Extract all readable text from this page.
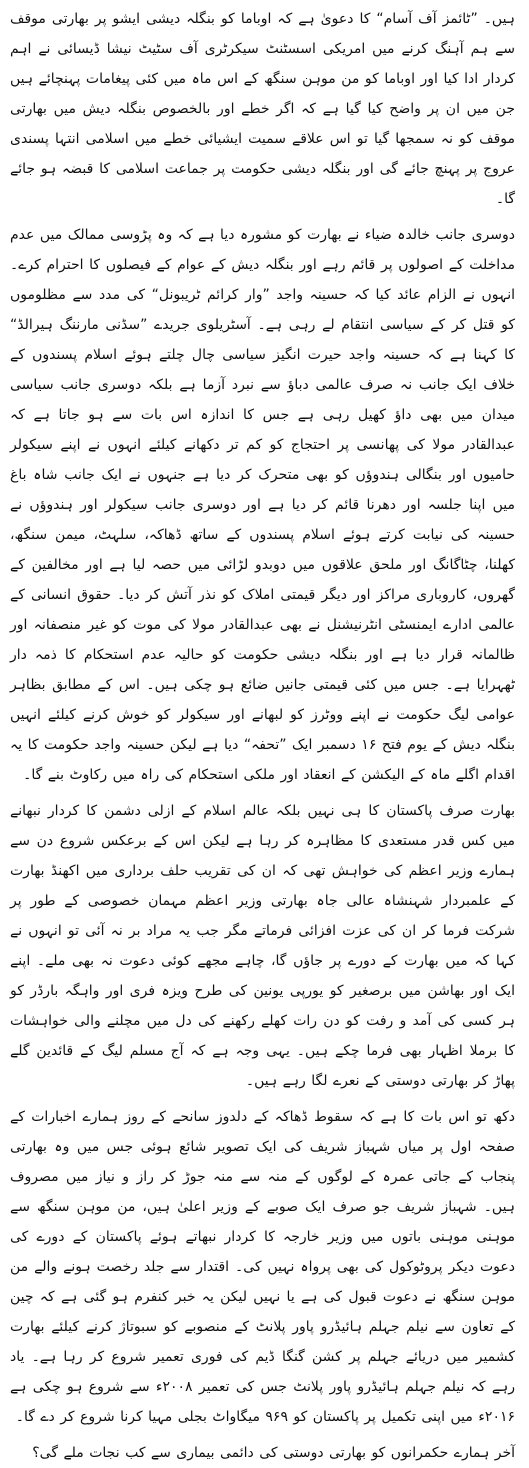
ہیں۔ ”ٹائمز آف آسام“ کا دعویٰ ہے کہ اوباما کو بنگلہ دیشی ایشو پر بھارتی موقف سے ہم آہنگ کرنے میں امریکی اسسٹنٹ سیکرٹری آف سٹیٹ نیشا ڈیسائی نے اہم کردار ادا کیا اور اوباما کو من موہن سنگھ کے اس ماہ میں کئی پیغامات پہنچائے ہیں جن میں ان پر واضح کیا گیا ہے کہ اگر خطے اور بالخصوص بنگلہ دیش میں بھارتی موقف کو نہ سمجھا گیا تو اس علاقے سمیت ایشیائی خطے میں اسلامی انتہا پسندی عروج پر پہنچ جائے گی اور بنگلہ دیشی حکومت پر جماعت اسلامی کا قبضہ ہو جائے گا۔

دوسری جانب خالدہ ضیاء نے بھارت کو مشورہ دیا ہے کہ وہ پڑوسی ممالک میں عدم مداخلت کے اصولوں پر قائم رہے اور بنگلہ دیش کے عوام کے فیصلوں کا احترام کرے۔ انہوں نے الزام عائد کیا کہ حسینہ واجد ”وار کرائم ٹریبونل“ کی مدد سے مظلوموں کو قتل کر کے سیاسی انتقام لے رہی ہے۔ آسٹریلوی جریدے ”سڈنی مارننگ ہیرالڈ“ کا کہنا ہے کہ حسینہ واجد حیرت انگیز سیاسی چال چلتے ہوئے اسلام پسندوں کے خلاف ایک جانب نہ صرف عالمی دباؤ سے نبرد آزما ہے بلکہ دوسری جانب سیاسی میدان میں بھی داؤ کھیل رہی ہے جس کا اندازہ اس بات سے ہو جاتا ہے کہ عبدالقادر مولا کی پھانسی پر احتجاج کو کم تر دکھانے کیلئے انہوں نے اپنے سیکولر حامیوں اور بنگالی ہندوؤں کو بھی متحرک کر دیا ہے جنہوں نے ایک جانب شاہ باغ میں اپنا جلسہ اور دھرنا قائم کر دیا ہے اور دوسری جانب سیکولر اور ہندوؤں نے حسینہ کی نیابت کرتے ہوئے اسلام پسندوں کے ساتھ ڈھاکہ، سلہٹ، میمن سنگھ، کھلنا، چٹاگانگ اور ملحق علاقوں میں دوبدو لڑائی میں حصہ لیا ہے اور مخالفین کے گھروں، کاروباری مراکز اور دیگر قیمتی املاک کو نذر آتش کر دیا۔ حقوق انسانی کے عالمی ادارے ایمنسٹی انٹرنیشنل نے بھی عبدالقادر مولا کی موت کو غیر منصفانہ اور ظالمانہ قرار دیا ہے اور بنگلہ دیشی حکومت کو حالیہ عدم استحکام کا ذمہ دار ٹھہرایا ہے۔ جس میں کئی قیمتی جانیں ضائع ہو چکی ہیں۔ اس کے مطابق بظاہر عوامی لیگ حکومت نے اپنے ووٹرز کو لبھانے اور سیکولر کو خوش کرنے کیلئے انہیں بنگلہ دیش کے یوم فتح ۱۶ دسمبر ایک ”تحفہ“ دیا ہے لیکن حسینہ واجد حکومت کا یہ اقدام اگلے ماہ کے الیکشن کے انعقاد اور ملکی استحکام کی راہ میں رکاوٹ بنے گا۔

بھارت صرف پاکستان کا ہی نہیں بلکہ عالم اسلام کے ازلی دشمن کا کردار نبھانے میں کس قدر مستعدی کا مظاہرہ کر رہا ہے لیکن اس کے برعکس شروع دن سے ہمارے وزیر اعظم کی خواہش تھی کہ ان کی تقریب حلف برداری میں اکھنڈ بھارت کے علمبردار شہنشاہ عالی جاہ بھارتی وزیر اعظم مہمان خصوصی کے طور پر شرکت فرما کر ان کی عزت افزائی فرماتے مگر جب یہ مراد بر نہ آئی تو انہوں نے کہا کہ میں بھارت کے دورے پر جاؤں گا، چاہے مجھے کوئی دعوت نہ بھی ملے۔ اپنے ایک اور بھاشن میں برصغیر کو یورپی یونین کی طرح ویزہ فری اور واہگہ بارڈر کو ہر کسی کی آمد و رفت کو دن رات کھلے رکھنے کی دل میں مچلنے والی خواہشات کا برملا اظہار بھی فرما چکے ہیں۔ یہی وجہ ہے کہ آج مسلم لیگ کے قائدین گلے پھاڑ کر بھارتی دوستی کے نعرے لگا رہے ہیں۔

دکھ تو اس بات کا ہے کہ سقوط ڈھاکہ کے دلدوز سانحے کے روز ہمارے اخبارات کے صفحہ اول پر میاں شہباز شریف کی ایک تصویر شائع ہوئی جس میں وہ بھارتی پنجاب کے جاتی عمرہ کے لوگوں کے منہ سے منہ جوڑ کر راز و نیاز میں مصروف ہیں۔ شہباز شریف جو صرف ایک صوبے کے وزیر اعلیٰ ہیں، من موہن سنگھ سے موہنی موہنی باتوں میں وزیر خارجہ کا کردار نبھاتے ہوئے پاکستان کے دورے کی دعوت دیکر پروٹوکول کی بھی پرواہ نہیں کی۔ اقتدار سے جلد رخصت ہونے والے من موہن سنگھ نے دعوت قبول کی ہے یا نہیں لیکن یہ خبر کنفرم ہو گئی ہے کہ چین کے تعاون سے نیلم جہلم ہائیڈرو پاور پلانٹ کے منصوبے کو سبوتاژ کرنے کیلئے بھارت کشمیر میں دریائے جہلم پر کشن گنگا ڈیم کی فوری تعمیر شروع کر رہا ہے۔ یاد رہے کہ نیلم جہلم ہائیڈرو پاور پلانٹ جس کی تعمیر ۲۰۰۸ء سے شروع ہو چکی ہے ۲۰۱۶ء میں اپنی تکمیل پر پاکستان کو ۹۶۹ میگاواٹ بجلی مہیا کرنا شروع کر دے گا۔

آخر ہمارے حکمرانوں کو بھارتی دوستی کی دائمی بیماری سے کب نجات ملے گی؟
